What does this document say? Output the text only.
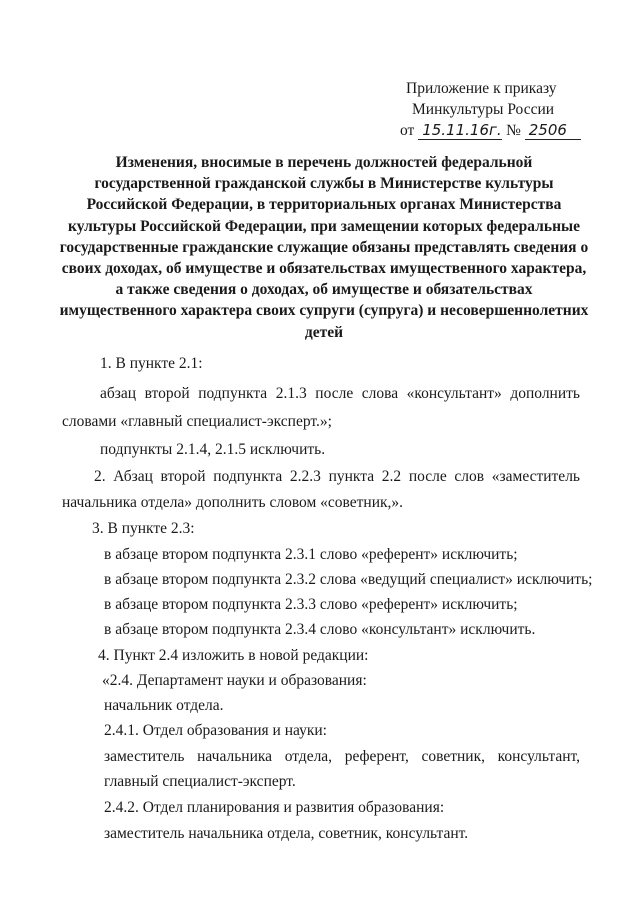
Приложение к приказу
Минкультуры России
от 15.11.16г. № 2506
Изменения, вносимые в перечень должностей федеральной государственной гражданской службы в Министерстве культуры Российской Федерации, в территориальных органах Министерства культуры Российской Федерации, при замещении которых федеральные государственные гражданские служащие обязаны представлять сведения о своих доходах, об имуществе и обязательствах имущественного характера, а также сведения о доходах, об имуществе и обязательствах имущественного характера своих супруги (супруга) и несовершеннолетних детей
1. В пункте 2.1:
абзац второй подпункта 2.1.3 после слова «консультант» дополнить
словами «главный специалист-эксперт.»;
подпункты 2.1.4, 2.1.5 исключить.
2. Абзац второй подпункта 2.2.3 пункта 2.2 после слов «заместитель
начальника отдела» дополнить словом «советник,».
3. В пункте 2.3:
в абзаце втором подпункта 2.3.1 слово «референт» исключить;
в абзаце втором подпункта 2.3.2 слова «ведущий специалист» исключить;
в абзаце втором подпункта 2.3.3 слово «референт» исключить;
в абзаце втором подпункта 2.3.4 слово «консультант» исключить.
4. Пункт 2.4 изложить в новой редакции:
«2.4. Департамент науки и образования:
начальник отдела.
2.4.1. Отдел образования и науки:
заместитель начальника отдела, референт, советник, консультант,
главный специалист-эксперт.
2.4.2. Отдел планирования и развития образования:
заместитель начальника отдела, советник, консультант.
